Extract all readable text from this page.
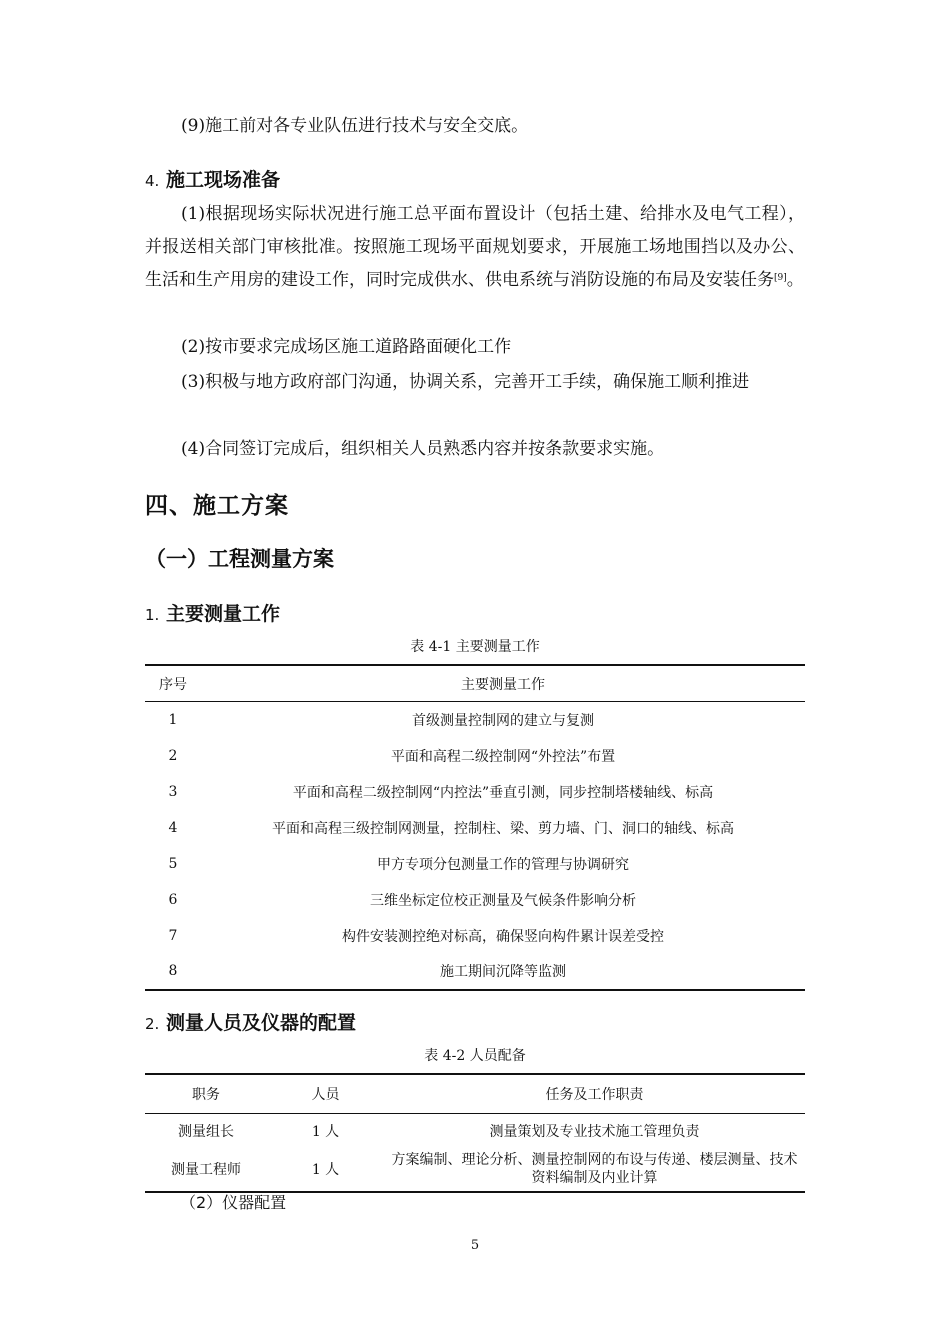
(9)施工前对各专业队伍进行技术与安全交底。
4. 施工现场准备
(1)根据现场实际状况进行施工总平面布置设计（包括土建、给排水及电气工程），并报送相关部门审核批准。按照施工现场平面规划要求，开展施工场地围挡以及办公、生活和生产用房的建设工作，同时完成供水、供电系统与消防设施的布局及安装任务[9]。
(2)按市要求完成场区施工道路路面硬化工作
(3)积极与地方政府部门沟通，协调关系，完善开工手续，确保施工顺利推进
(4)合同签订完成后，组织相关人员熟悉内容并按条款要求实施。
四、施工方案
（一）工程测量方案
1. 主要测量工作
表 4-1 主要测量工作
序号	主要测量工作
1	首级测量控制网的建立与复测
2	平面和高程二级控制网“外控法”布置
3	平面和高程二级控制网“内控法”垂直引测，同步控制塔楼轴线、标高
4	平面和高程三级控制网测量，控制柱、梁、剪力墙、门、洞口的轴线、标高
5	甲方专项分包测量工作的管理与协调研究
6	三维坐标定位校正测量及气候条件影响分析
7	构件安装测控绝对标高，确保竖向构件累计误差受控
8	施工期间沉降等监测
2. 测量人员及仪器的配置
表 4-2 人员配备
职务	人员	任务及工作职责
测量组长	1 人	测量策划及专业技术施工管理负责
测量工程师	1 人	方案编制、理论分析、测量控制网的布设与传递、楼层测量、技术资料编制及内业计算
（2）仪器配置
5
